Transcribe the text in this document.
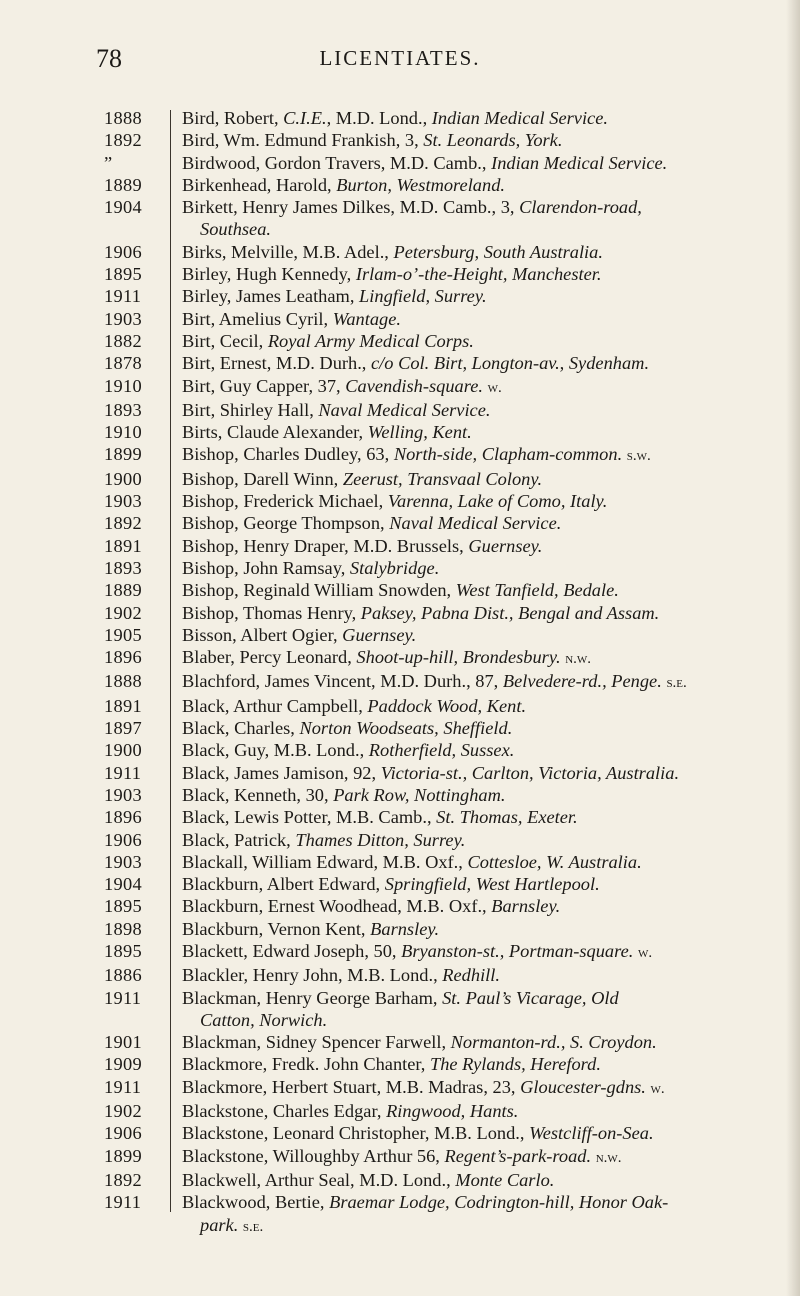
78	LICENTIATES.
1888	Bird, Robert, C.I.E., M.D. Lond., Indian Medical Service.
1892	Bird, Wm. Edmund Frankish, 3, St. Leonards, York.
”	Birdwood, Gordon Travers, M.D. Camb., Indian Medical Service.
1889	Birkenhead, Harold, Burton, Westmoreland.
1904	Birkett, Henry James Dilkes, M.D. Camb., 3, Clarendon-road,
Southsea.
1906	Birks, Melville, M.B. Adel., Petersburg, South Australia.
1895	Birley, Hugh Kennedy, Irlam-o’-the-Height, Manchester.
1911	Birley, James Leatham, Lingfield, Surrey.
1903	Birt, Amelius Cyril, Wantage.
1882	Birt, Cecil, Royal Army Medical Corps.
1878	Birt, Ernest, M.D. Durh., c/o Col. Birt, Longton-av., Sydenham.
1910	Birt, Guy Capper, 37, Cavendish-square. w.
1893	Birt, Shirley Hall, Naval Medical Service.
1910	Birts, Claude Alexander, Welling, Kent.
1899	Bishop, Charles Dudley, 63, North-side, Clapham-common. s.w.
1900	Bishop, Darell Winn, Zeerust, Transvaal Colony.
1903	Bishop, Frederick Michael, Varenna, Lake of Como, Italy.
1892	Bishop, George Thompson, Naval Medical Service.
1891	Bishop, Henry Draper, M.D. Brussels, Guernsey.
1893	Bishop, John Ramsay, Stalybridge.
1889	Bishop, Reginald William Snowden, West Tanfield, Bedale.
1902	Bishop, Thomas Henry, Paksey, Pabna Dist., Bengal and Assam.
1905	Bisson, Albert Ogier, Guernsey.
1896	Blaber, Percy Leonard, Shoot-up-hill, Brondesbury. n.w.
1888	Blachford, James Vincent, M.D. Durh., 87, Belvedere-rd., Penge. s.e.
1891	Black, Arthur Campbell, Paddock Wood, Kent.
1897	Black, Charles, Norton Woodseats, Sheffield.
1900	Black, Guy, M.B. Lond., Rotherfield, Sussex.
1911	Black, James Jamison, 92, Victoria-st., Carlton, Victoria, Australia.
1903	Black, Kenneth, 30, Park Row, Nottingham.
1896	Black, Lewis Potter, M.B. Camb., St. Thomas, Exeter.
1906	Black, Patrick, Thames Ditton, Surrey.
1903	Blackall, William Edward, M.B. Oxf., Cottesloe, W. Australia.
1904	Blackburn, Albert Edward, Springfield, West Hartlepool.
1895	Blackburn, Ernest Woodhead, M.B. Oxf., Barnsley.
1898	Blackburn, Vernon Kent, Barnsley.
1895	Blackett, Edward Joseph, 50, Bryanston-st., Portman-square. w.
1886	Blackler, Henry John, M.B. Lond., Redhill.
1911	Blackman, Henry George Barham, St. Paul’s Vicarage, Old
Catton, Norwich.
1901	Blackman, Sidney Spencer Farwell, Normanton-rd., S. Croydon.
1909	Blackmore, Fredk. John Chanter, The Rylands, Hereford.
1911	Blackmore, Herbert Stuart, M.B. Madras, 23, Gloucester-gdns. w.
1902	Blackstone, Charles Edgar, Ringwood, Hants.
1906	Blackstone, Leonard Christopher, M.B. Lond., Westcliff-on-Sea.
1899	Blackstone, Willoughby Arthur 56, Regent’s-park-road. n.w.
1892	Blackwell, Arthur Seal, M.D. Lond., Monte Carlo.
1911	Blackwood, Bertie, Braemar Lodge, Codrington-hill, Honor Oak-
park. s.e.
